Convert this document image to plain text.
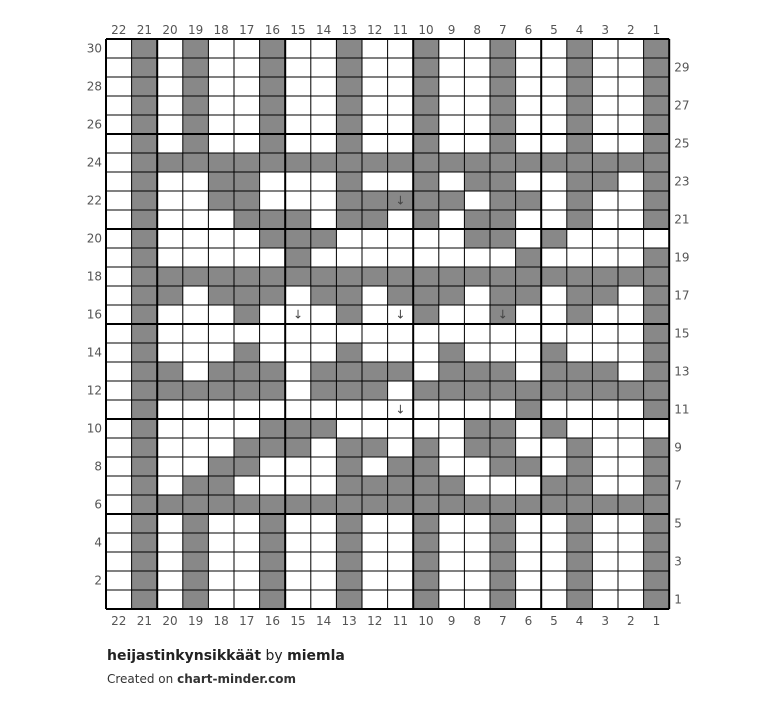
↓
↓	↓	↓
↓
22
22
21
21
20
20
19
19
18
18
17
17
16
16
15
15
14
14
13
13
12
12
11
11
10
10
9
9
8
8
7
7
6
6
5
5
4
4
3
3
2
2
1
1
1
2
3
4
5
6
7
8
9
10
11
12
13
14
15
16
17
18
19
20
21
22
23
24
25
26
27
28
29
30
heijastinkynsikkäät by miemla
Created on chart-minder.com
